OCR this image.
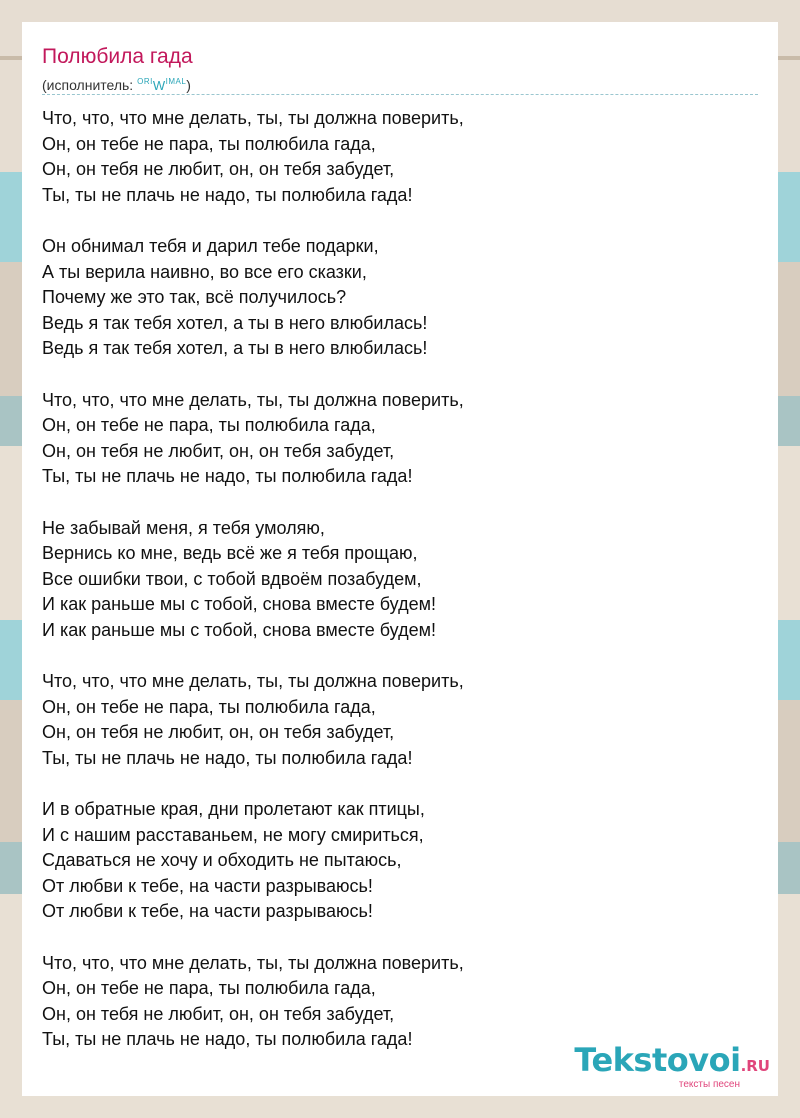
Полюбила гада
(исполнитель: $^{ORI}W^{IMAL}$)
Что, что, что мне делать, ты, ты должна поверить,
Он, он тебе не пара, ты полюбила гада,
Он, он тебя не любит, он, он тебя забудет,
Ты, ты не плачь не надо, ты полюбила гада!
Он обнимал тебя и дарил тебе подарки,
А ты верила наивно, во все его сказки,
Почему же это так, всё получилось?
Ведь я так тебя хотел, а ты в него влюбилась!
Ведь я так тебя хотел, а ты в него влюбилась!
Что, что, что мне делать, ты, ты должна поверить,
Он, он тебе не пара, ты полюбила гада,
Он, он тебя не любит, он, он тебя забудет,
Ты, ты не плачь не надо, ты полюбила гада!
Не забывай меня, я тебя умоляю,
Вернись ко мне, ведь всё же я тебя прощаю,
Все ошибки твои, с тобой вдвоём позабудем,
И как раньше мы с тобой, снова вместе будем!
И как раньше мы с тобой, снова вместе будем!
Что, что, что мне делать, ты, ты должна поверить,
Он, он тебе не пара, ты полюбила гада,
Он, он тебя не любит, он, он тебя забудет,
Ты, ты не плачь не надо, ты полюбила гада!
И в обратные края, дни пролетают как птицы,
И с нашим расставаньем, не могу смириться,
Сдаваться не хочу и обходить не пытаюсь,
От любви к тебе, на части разрываюсь!
От любви к тебе, на части разрываюсь!
Что, что, что мне делать, ты, ты должна поверить,
Он, он тебе не пара, ты полюбила гада,
Он, он тебя не любит, он, он тебя забудет,
Ты, ты не плачь не надо, ты полюбила гада!
Tekstovoi.RU
тексты песен
